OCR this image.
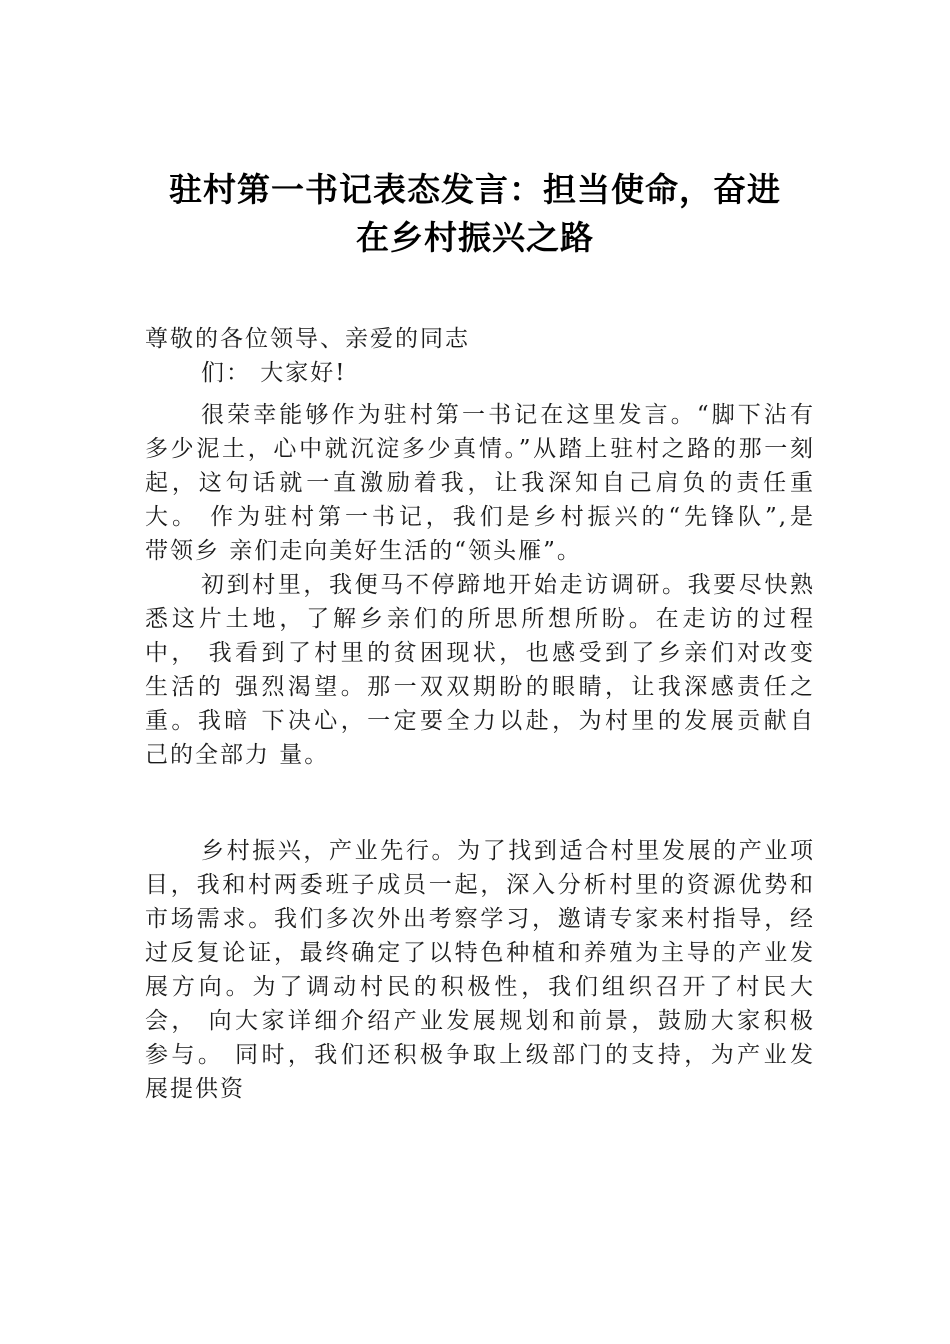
驻村第一书记表态发言：担当使命，奋进
在乡村振兴之路
尊敬的各位领导、亲爱的同志
们： 大家好!
很荣幸能够作为驻村第一书记在这里发言。“脚下沾有
多少泥土，心中就沉淀多少真情。”从踏上驻村之路的那一刻
起，这句话就一直激励着我，让我深知自己肩负的责任重
大。 作为驻村第一书记，我们是乡村振兴的“先锋队”,是
带领乡 亲们走向美好生活的“领头雁”。
初到村里，我便马不停蹄地开始走访调研。我要尽快熟
悉这片土地，了解乡亲们的所思所想所盼。在走访的过程
中， 我看到了村里的贫困现状，也感受到了乡亲们对改变
生活的 强烈渴望。那一双双期盼的眼睛，让我深感责任之
重。我暗 下决心，一定要全力以赴，为村里的发展贡献自
己的全部力 量。
乡村振兴，产业先行。为了找到适合村里发展的产业项
目，我和村两委班子成员一起，深入分析村里的资源优势和
市场需求。我们多次外出考察学习，邀请专家来村指导，经
过反复论证，最终确定了以特色种植和养殖为主导的产业发
展方向。为了调动村民的积极性，我们组织召开了村民大
会， 向大家详细介绍产业发展规划和前景，鼓励大家积极
参与。 同时，我们还积极争取上级部门的支持，为产业发
展提供资
